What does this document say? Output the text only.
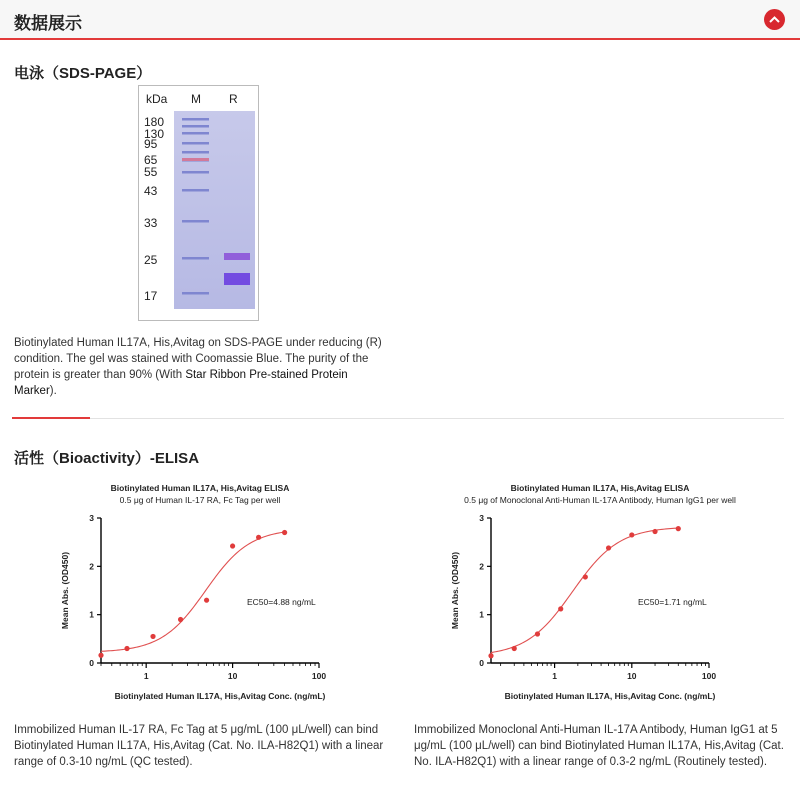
数据展示
电泳（SDS-PAGE）
kDa M R
180
130
95
65
55
43
33
25
17
Biotinylated Human IL17A, His,Avitag on SDS-PAGE under reducing (R) condition. The gel was stained with Coomassie Blue. The purity of the protein is greater than 90% (With Star Ribbon Pre-stained Protein Marker).
活性（Bioactivity）-ELISA
Biotinylated Human IL17A, His,Avitag ELISA
0.5 μg of Human IL-17 RA, Fc Tag per well
0
1
2
3
1	10	100
Biotinylated Human IL17A, His,Avitag Conc. (ng/mL)
Mean Abs. (OD450)	EC50=4.88 ng/mL
Biotinylated Human IL17A, His,Avitag ELISA
0.5 μg of Monoclonal Anti-Human IL-17A Antibody, Human IgG1 per well
0
1
2
3
1	10	100
Biotinylated Human IL17A, His,Avitag Conc. (ng/mL)
Mean Abs. (OD450)	EC50=1.71 ng/mL
Immobilized Human IL-17 RA, Fc Tag at 5 μg/mL (100 μL/well) can bind Biotinylated Human IL17A, His,Avitag (Cat. No. ILA-H82Q1) with a linear range of 0.3-10 ng/mL (QC tested).
Immobilized Monoclonal Anti-Human IL-17A Antibody, Human IgG1 at 5 μg/mL (100 μL/well) can bind Biotinylated Human IL17A, His,Avitag (Cat. No. ILA-H82Q1) with a linear range of 0.3-2 ng/mL (Routinely tested).
